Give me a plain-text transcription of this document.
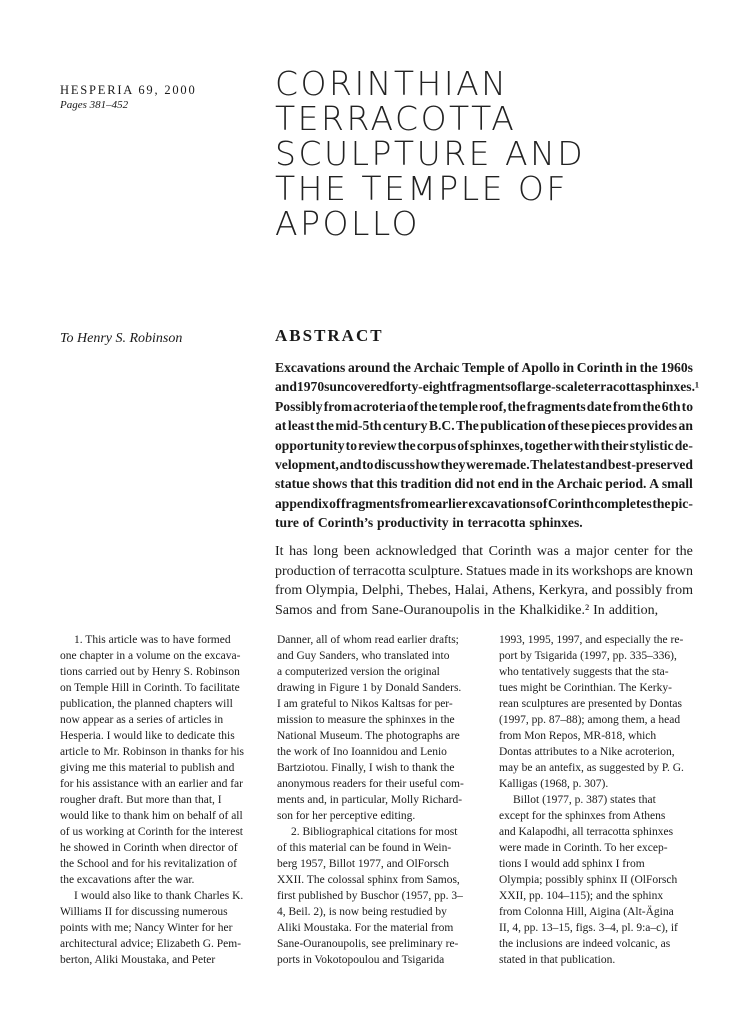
HESPERIA 69, 2000
Pages 381–452
CORINTHIAN
TERRACOTTA
SCULPTURE AND
THE TEMPLE OF
APOLLO
To Henry S. Robinson	ABSTRACT
Excavations around the Archaic Temple of Apollo in Corinth in the 1960s
and 1970s uncovered forty-eight fragments of large-scale terracotta sphinxes.¹
Possibly from acroteria of the temple roof, the fragments date from the 6th to
at least the mid-5th century B.C. The publication of these pieces provides an
opportunity to review the corpus of sphinxes, together with their stylistic de-
velopment, and to discuss how they were made. The latest and best-preserved
statue shows that this tradition did not end in the Archaic period. A small
appendix of fragments from earlier excavations of Corinth completes the pic-
ture of Corinth’s productivity in terracotta sphinxes.
It has long been acknowledged that Corinth was a major center for the
production of terracotta sculpture. Statues made in its workshops are known
from Olympia, Delphi, Thebes, Halai, Athens, Kerkyra, and possibly from
Samos and from Sane-Ouranoupolis in the Khalkidike.² In addition,
1. This article was to have formed
one chapter in a volume on the excava-
tions carried out by Henry S. Robinson
on Temple Hill in Corinth. To facilitate
publication, the planned chapters will
now appear as a series of articles in
Hesperia. I would like to dedicate this
article to Mr. Robinson in thanks for his
giving me this material to publish and
for his assistance with an earlier and far
rougher draft. But more than that, I
would like to thank him on behalf of all
of us working at Corinth for the interest
he showed in Corinth when director of
the School and for his revitalization of
the excavations after the war.
I would also like to thank Charles K.
Williams II for discussing numerous
points with me; Nancy Winter for her
architectural advice; Elizabeth G. Pem-
berton, Aliki Moustaka, and Peter
Danner, all of whom read earlier drafts;
and Guy Sanders, who translated into
a computerized version the original
drawing in Figure 1 by Donald Sanders.
I am grateful to Nikos Kaltsas for per-
mission to measure the sphinxes in the
National Museum. The photographs are
the work of Ino Ioannidou and Lenio
Bartziotou. Finally, I wish to thank the
anonymous readers for their useful com-
ments and, in particular, Molly Richard-
son for her perceptive editing.
2. Bibliographical citations for most
of this material can be found in Wein-
berg 1957, Billot 1977, and OlForsch
XXII. The colossal sphinx from Samos,
first published by Buschor (1957, pp. 3–
4, Beil. 2), is now being restudied by
Aliki Moustaka. For the material from
Sane-Ouranoupolis, see preliminary re-
ports in Vokotopoulou and Tsigarida
1993, 1995, 1997, and especially the re-
port by Tsigarida (1997, pp. 335–336),
who tentatively suggests that the sta-
tues might be Corinthian. The Kerky-
rean sculptures are presented by Dontas
(1997, pp. 87–88); among them, a head
from Mon Repos, MR-818, which
Dontas attributes to a Nike acroterion,
may be an antefix, as suggested by P. G.
Kalligas (1968, p. 307).
Billot (1977, p. 387) states that
except for the sphinxes from Athens
and Kalapodhi, all terracotta sphinxes
were made in Corinth. To her excep-
tions I would add sphinx I from
Olympia; possibly sphinx II (OlForsch
XXII, pp. 104–115); and the sphinx
from Colonna Hill, Aigina (Alt-Ägina
II, 4, pp. 13–15, figs. 3–4, pl. 9:a–c), if
the inclusions are indeed volcanic, as
stated in that publication.
